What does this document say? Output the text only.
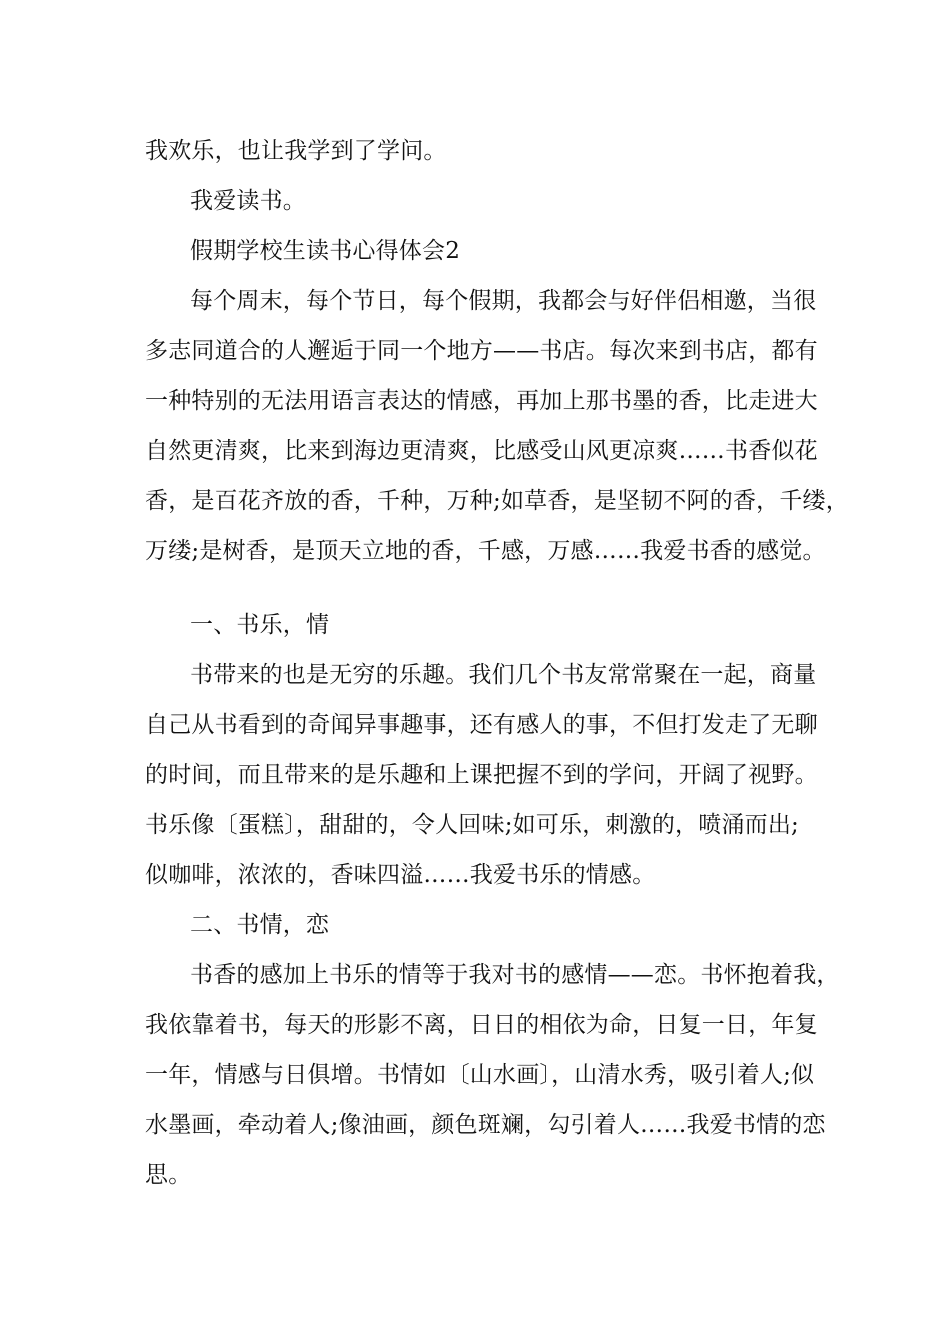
我欢乐，也让我学到了学问。
我爱读书。
假期学校生读书心得体会2
每个周末，每个节日，每个假期，我都会与好伴侣相邀，当很
多志同道合的人邂逅于同一个地方——书店。每次来到书店，都有
一种特别的无法用语言表达的情感，再加上那书墨的香，比走进大
自然更清爽，比来到海边更清爽，比感受山风更凉爽……书香似花
香，是百花齐放的香，千种，万种;如草香，是坚韧不阿的香，千缕，
万缕;是树香，是顶天立地的香，千感，万感……我爱书香的感觉。
一、书乐，情
书带来的也是无穷的乐趣。我们几个书友常常聚在一起，商量
自己从书看到的奇闻异事趣事，还有感人的事，不但打发走了无聊
的时间，而且带来的是乐趣和上课把握不到的学问，开阔了视野。
书乐像〔蛋糕〕，甜甜的，令人回味;如可乐，刺激的，喷涌而出;
似咖啡，浓浓的，香味四溢……我爱书乐的情感。
二、书情，恋
书香的感加上书乐的情等于我对书的感情——恋。书怀抱着我，
我依靠着书，每天的形影不离，日日的相依为命，日复一日，年复
一年，情感与日俱增。书情如〔山水画〕，山清水秀，吸引着人;似
水墨画，牵动着人;像油画，颜色斑斓，勾引着人……我爱书情的恋
思。
